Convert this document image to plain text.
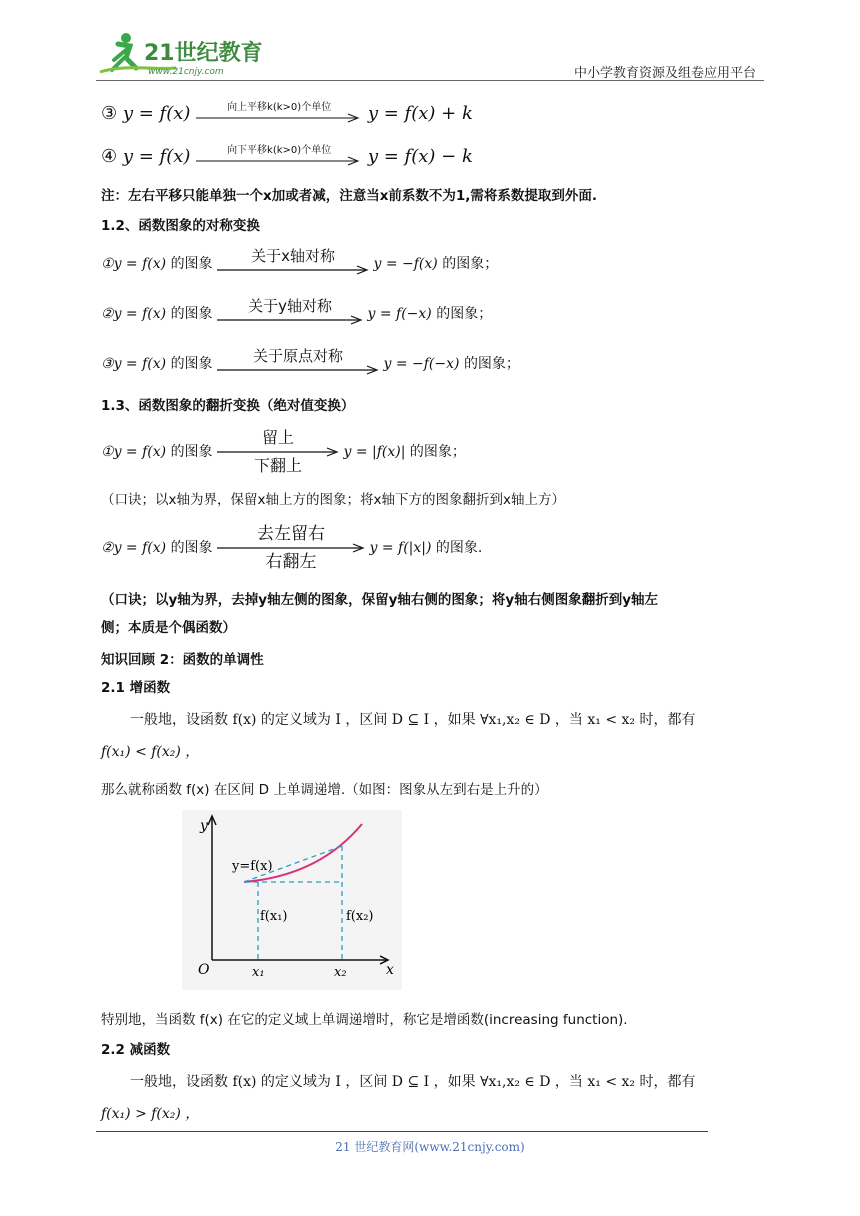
21世纪教育
www.21cnjy.com	中小学教育资源及组卷应用平台
③ y = f(x)	向上平移k(k>0)个单位	y = f(x) + k
④ y = f(x)	向下平移k(k>0)个单位	y = f(x) − k
注：左右平移只能单独一个x加或者减，注意当x前系数不为1,需将系数提取到外面.
1.2、函数图象的对称变换
①y = f(x) 的图象	关于x轴对称	y = −f(x) 的图象；
②y = f(x) 的图象	关于y轴对称	y = f(−x) 的图象；
③y = f(x) 的图象	关于原点对称	y = −f(−x) 的图象；
1.3、函数图象的翻折变换（绝对值变换）
①y = f(x) 的图象
留上
下翻上
y = |f(x)| 的图象；
（口诀；以x轴为界，保留x轴上方的图象；将x轴下方的图象翻折到x轴上方）
②y = f(x) 的图象
去左留右
右翻左
y = f(|x|) 的图象.
（口诀；以y轴为界，去掉y轴左侧的图象，保留y轴右侧的图象；将y轴右侧图象翻折到y轴左
侧；本质是个偶函数）
知识回顾 2：函数的单调性
2.1 增函数
一般地，设函数 f(x) 的定义域为 I ，区间 D ⊆ I ，如果 ∀x₁,x₂ ∈ D ，当 x₁ < x₂ 时，都有
f(x₁) < f(x₂) ，
那么就称函数 f(x) 在区间 D 上单调递增.（如图：图象从左到右是上升的）
y
x
O
y=f(x)
f(x₁)	f(x₂)
x₁	x₂
特别地，当函数 f(x) 在它的定义域上单调递增时，称它是增函数(increasing function).
2.2 减函数
一般地，设函数 f(x) 的定义域为 I ，区间 D ⊆ I ，如果 ∀x₁,x₂ ∈ D ，当 x₁ < x₂ 时，都有
f(x₁) > f(x₂) ，
21 世纪教育网(www.21cnjy.com)
